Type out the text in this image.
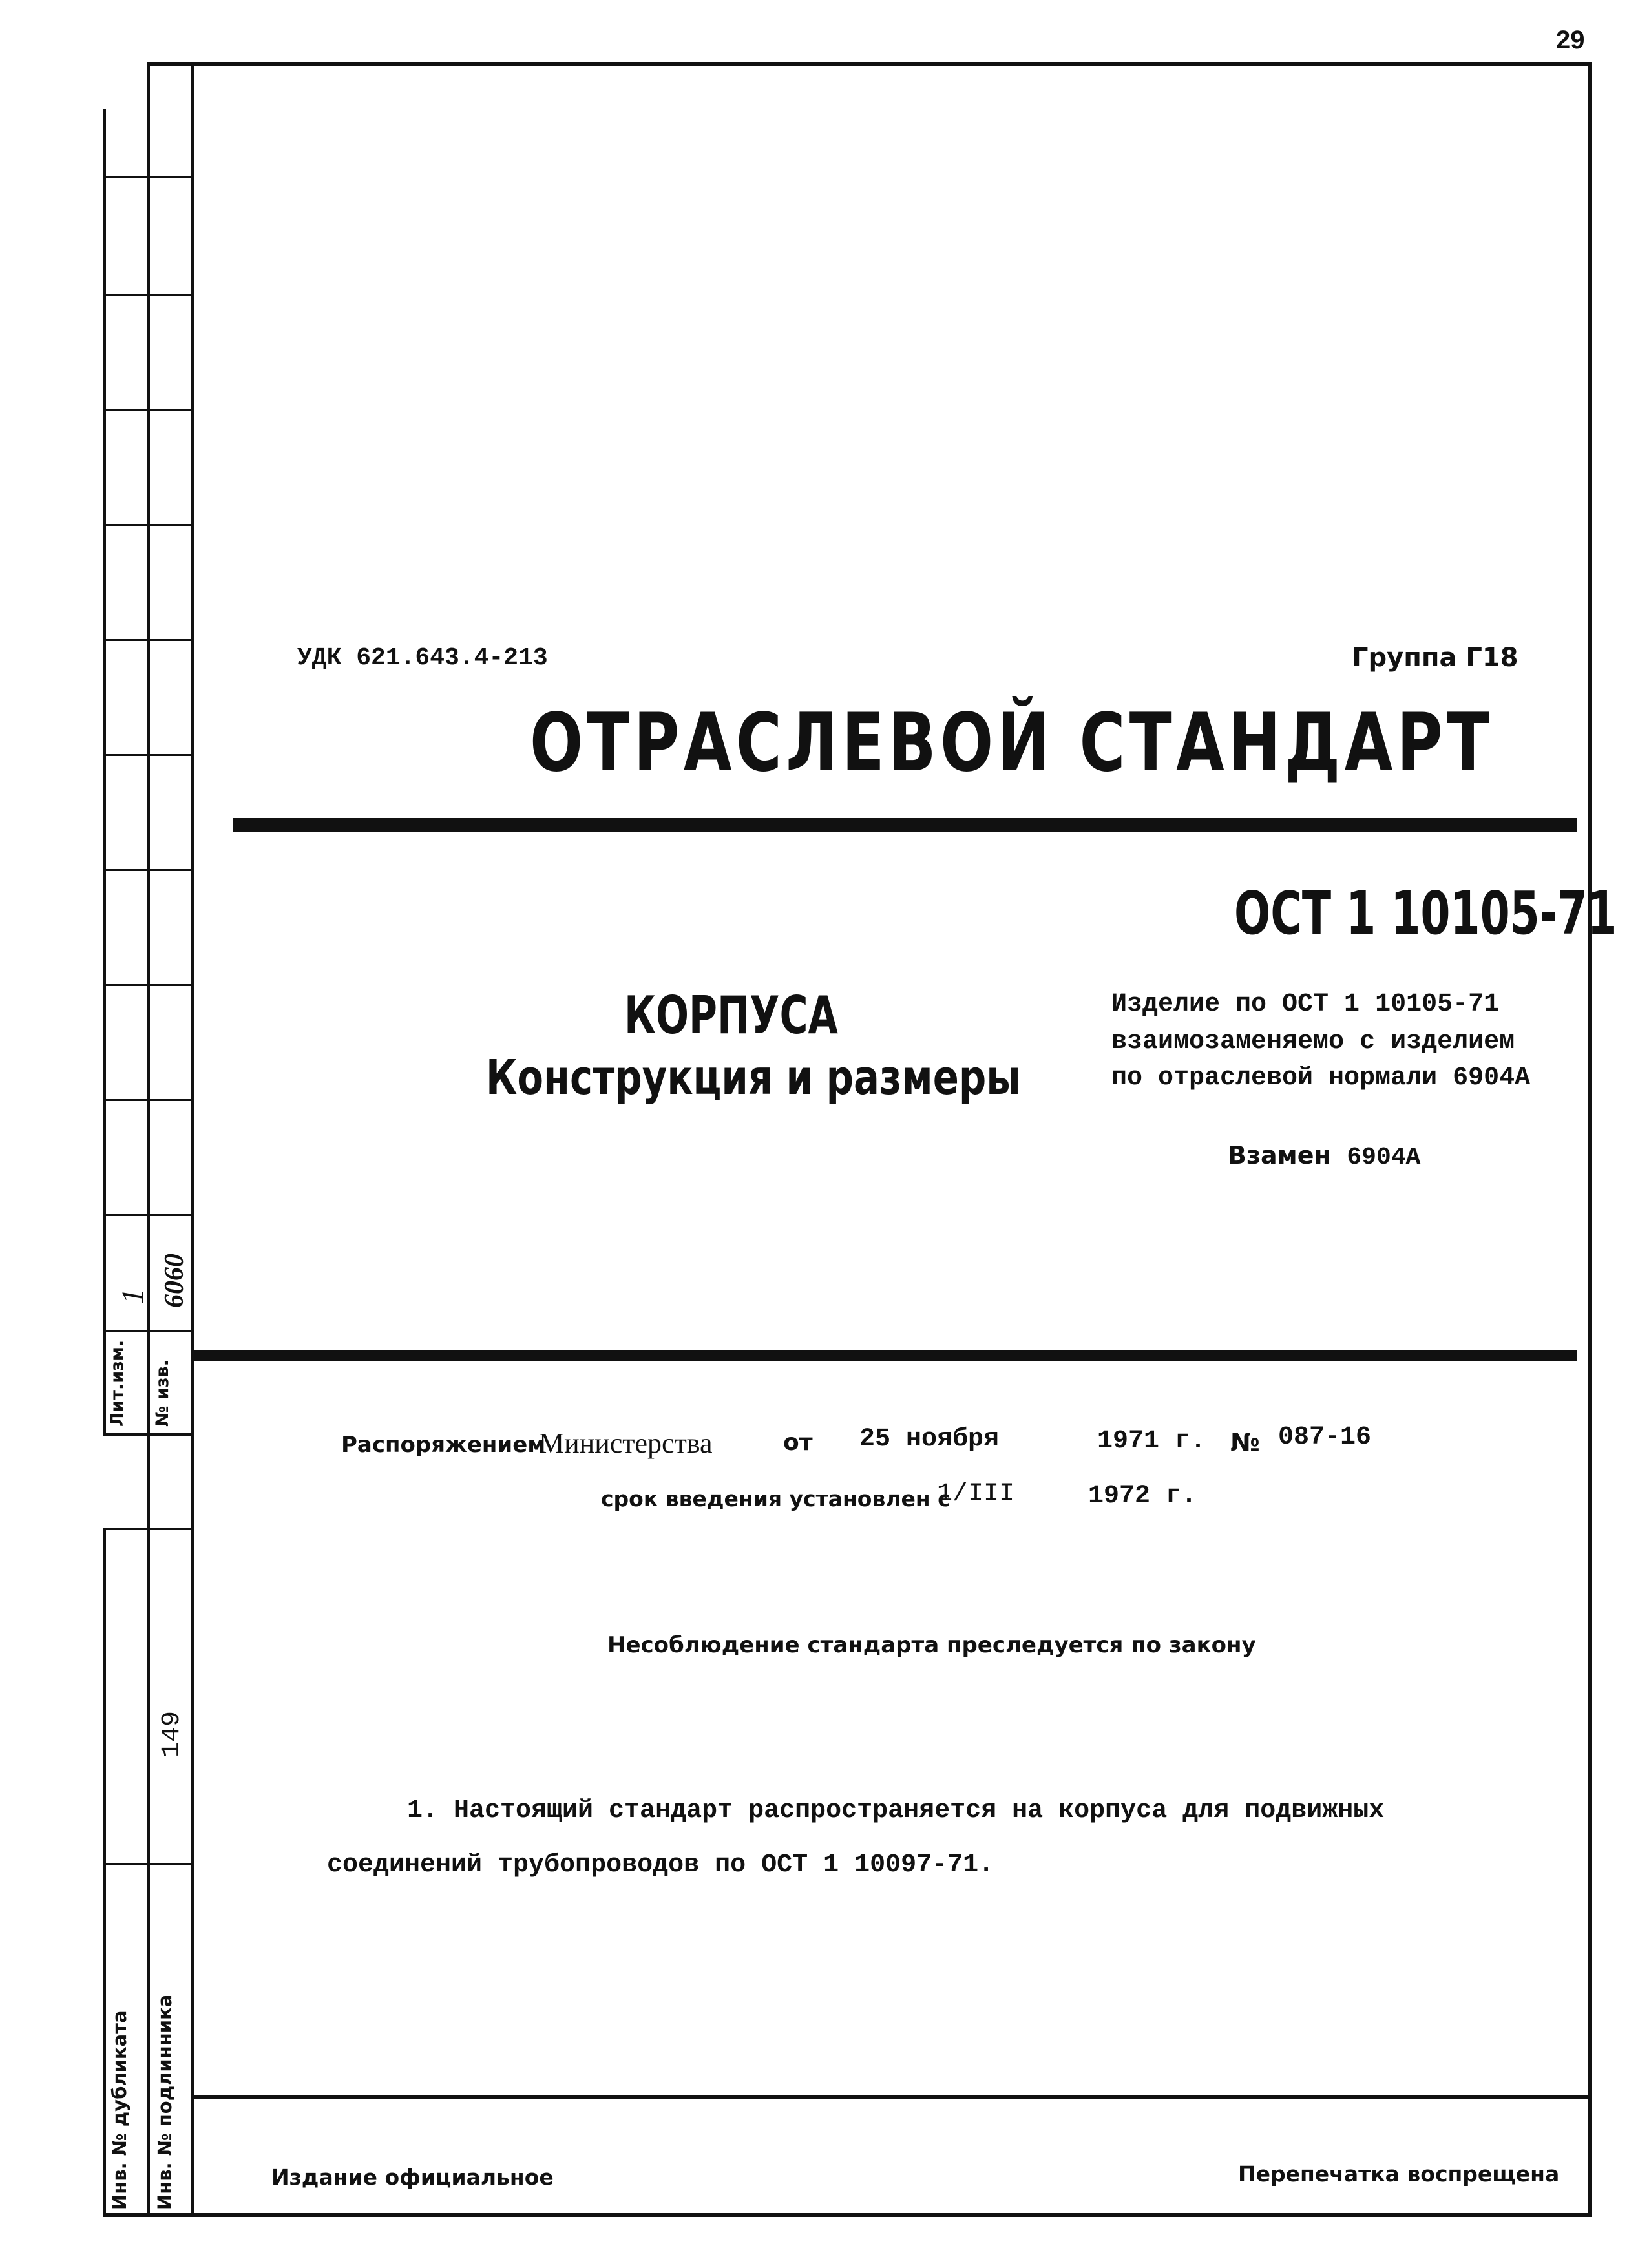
29
Лит.изм. № изв.
1 6060
149
Инв. № дубликата Инв. № подлинника
УДК 621.643.4-213	Группа Г18
ОТРАСЛЕВОЙ СТАНДАРТ
ОСТ 1 10105-71
КОРПУСА
Конструкция и размеры
Изделие по ОСТ 1 10105-71
взаимозаменяемо с изделием
по отраслевой нормали 6904А
Взамен 6904А
Распоряжением
Министерства	от 25 ноября	1971 г. № 087-16
срок введения установлен с
1/III	1972 г.
Несоблюдение стандарта преследуется по закону
1. Настоящий стандарт распространяется на корпуса для подвижных
соединений трубопроводов по ОСТ 1 10097-71.
Издание официальное	Перепечатка воспрещена
